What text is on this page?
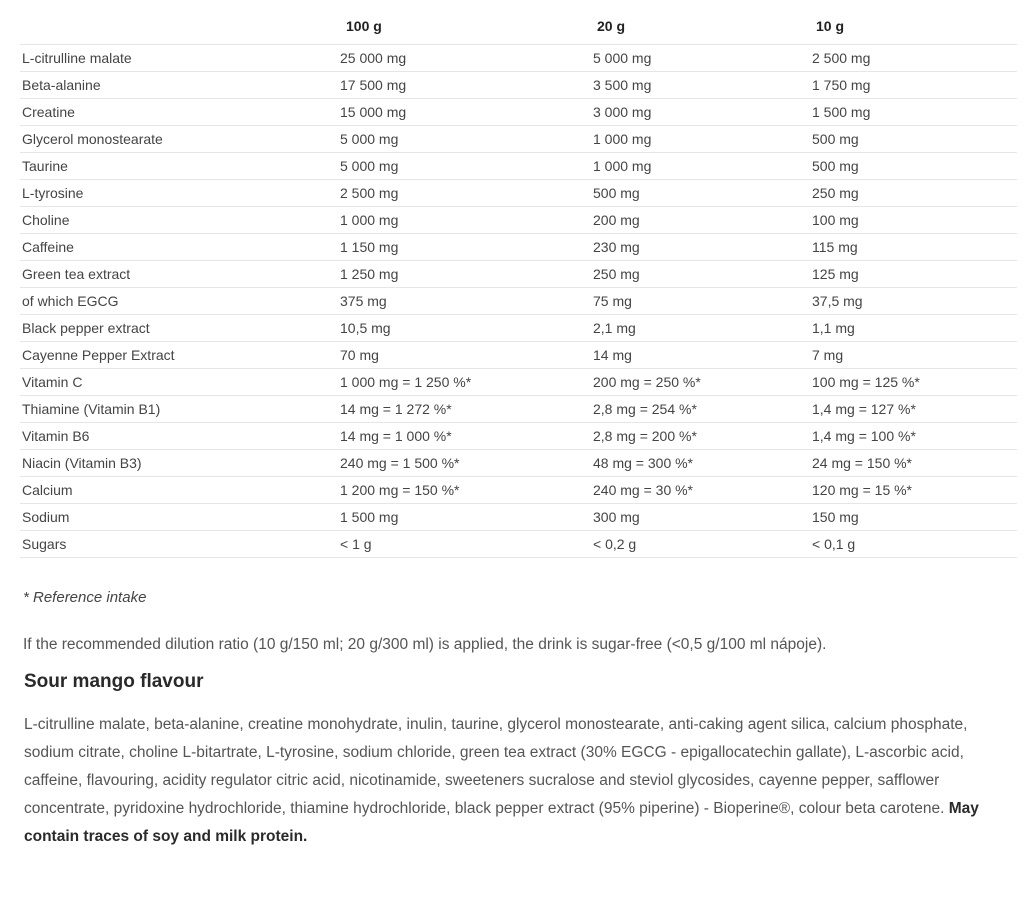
	100 g	20 g	10 g
L-citrulline malate	25 000 mg	5 000 mg	2 500 mg
Beta-alanine	17 500 mg	3 500 mg	1 750 mg
Creatine	15 000 mg	3 000 mg	1 500 mg
Glycerol monostearate	5 000 mg	1 000 mg	500 mg
Taurine	5 000 mg	1 000 mg	500 mg
L-tyrosine	2 500 mg	500 mg	250 mg
Choline	1 000 mg	200 mg	100 mg
Caffeine	1 150 mg	230 mg	115 mg
Green tea extract	1 250 mg	250 mg	125 mg
of which EGCG	375 mg	75 mg	37,5 mg
Black pepper extract	10,5 mg	2,1 mg	1,1 mg
Cayenne Pepper Extract	70 mg	14 mg	7 mg
Vitamin C	1 000 mg = 1 250 %*	200 mg = 250 %*	100 mg = 125 %*
Thiamine (Vitamin B1)	14 mg = 1 272 %*	2,8 mg = 254 %*	1,4 mg = 127 %*
Vitamin B6	14 mg = 1 000 %*	2,8 mg = 200 %*	1,4 mg = 100 %*
Niacin (Vitamin B3)	240 mg = 1 500 %*	48 mg = 300 %*	24 mg = 150 %*
Calcium	1 200 mg = 150 %*	240 mg = 30 %*	120 mg = 15 %*
Sodium	1 500 mg	300 mg	150 mg
Sugars	< 1 g	< 0,2 g	< 0,1 g
* Reference intake
If the recommended dilution ratio (10 g/150 ml; 20 g/300 ml) is applied, the drink is sugar-free (<0,5 g/100 ml nápoje).
Sour mango flavour
L-citrulline malate, beta-alanine, creatine monohydrate, inulin, taurine, glycerol monostearate, anti-caking agent silica, calcium phosphate, sodium citrate, choline L-bitartrate, L-tyrosine, sodium chloride, green tea extract (30% EGCG - epigallocatechin gallate), L-ascorbic acid, caffeine, flavouring, acidity regulator citric acid, nicotinamide, sweeteners sucralose and steviol glycosides, cayenne pepper, safflower concentrate, pyridoxine hydrochloride, thiamine hydrochloride, black pepper extract (95% piperine) - Bioperine®, colour beta carotene. May contain traces of soy and milk protein.
